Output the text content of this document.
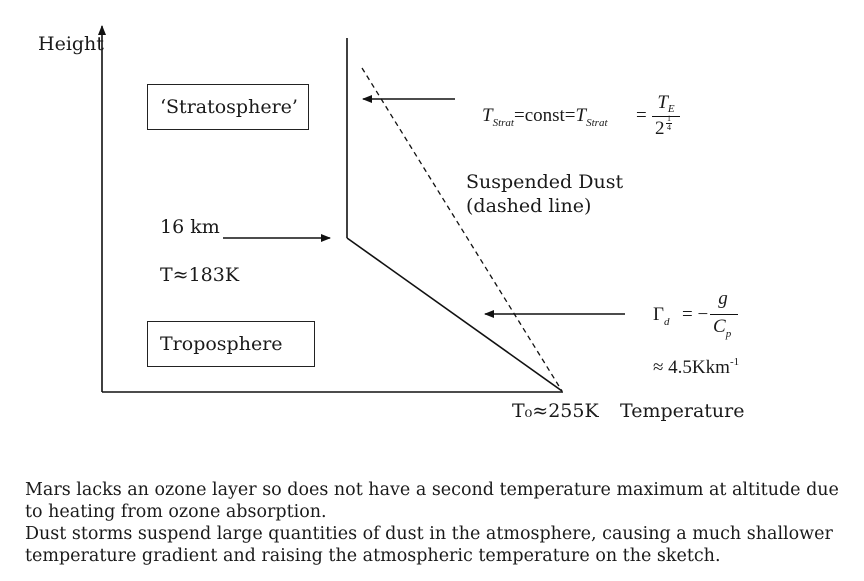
Height
Temperature
T₀≈255K
‘Stratosphere’
Troposphere
16 km
T≈183K
Suspended Dust
(dashed line)
$T_{Strat}=const=T_{Strat}$ =
$T_E$
2 1
4
$\Gamma_d$ = −
g
$C_p$
≈ 4.5Kkm$^{-1}$

Mars lacks an ozone layer so does not have a second temperature maximum at altitude due to heating from ozone absorption.

Dust storms suspend large quantities of dust in the atmosphere, causing a much shallower temperature gradient and raising the atmospheric temperature on the sketch.
